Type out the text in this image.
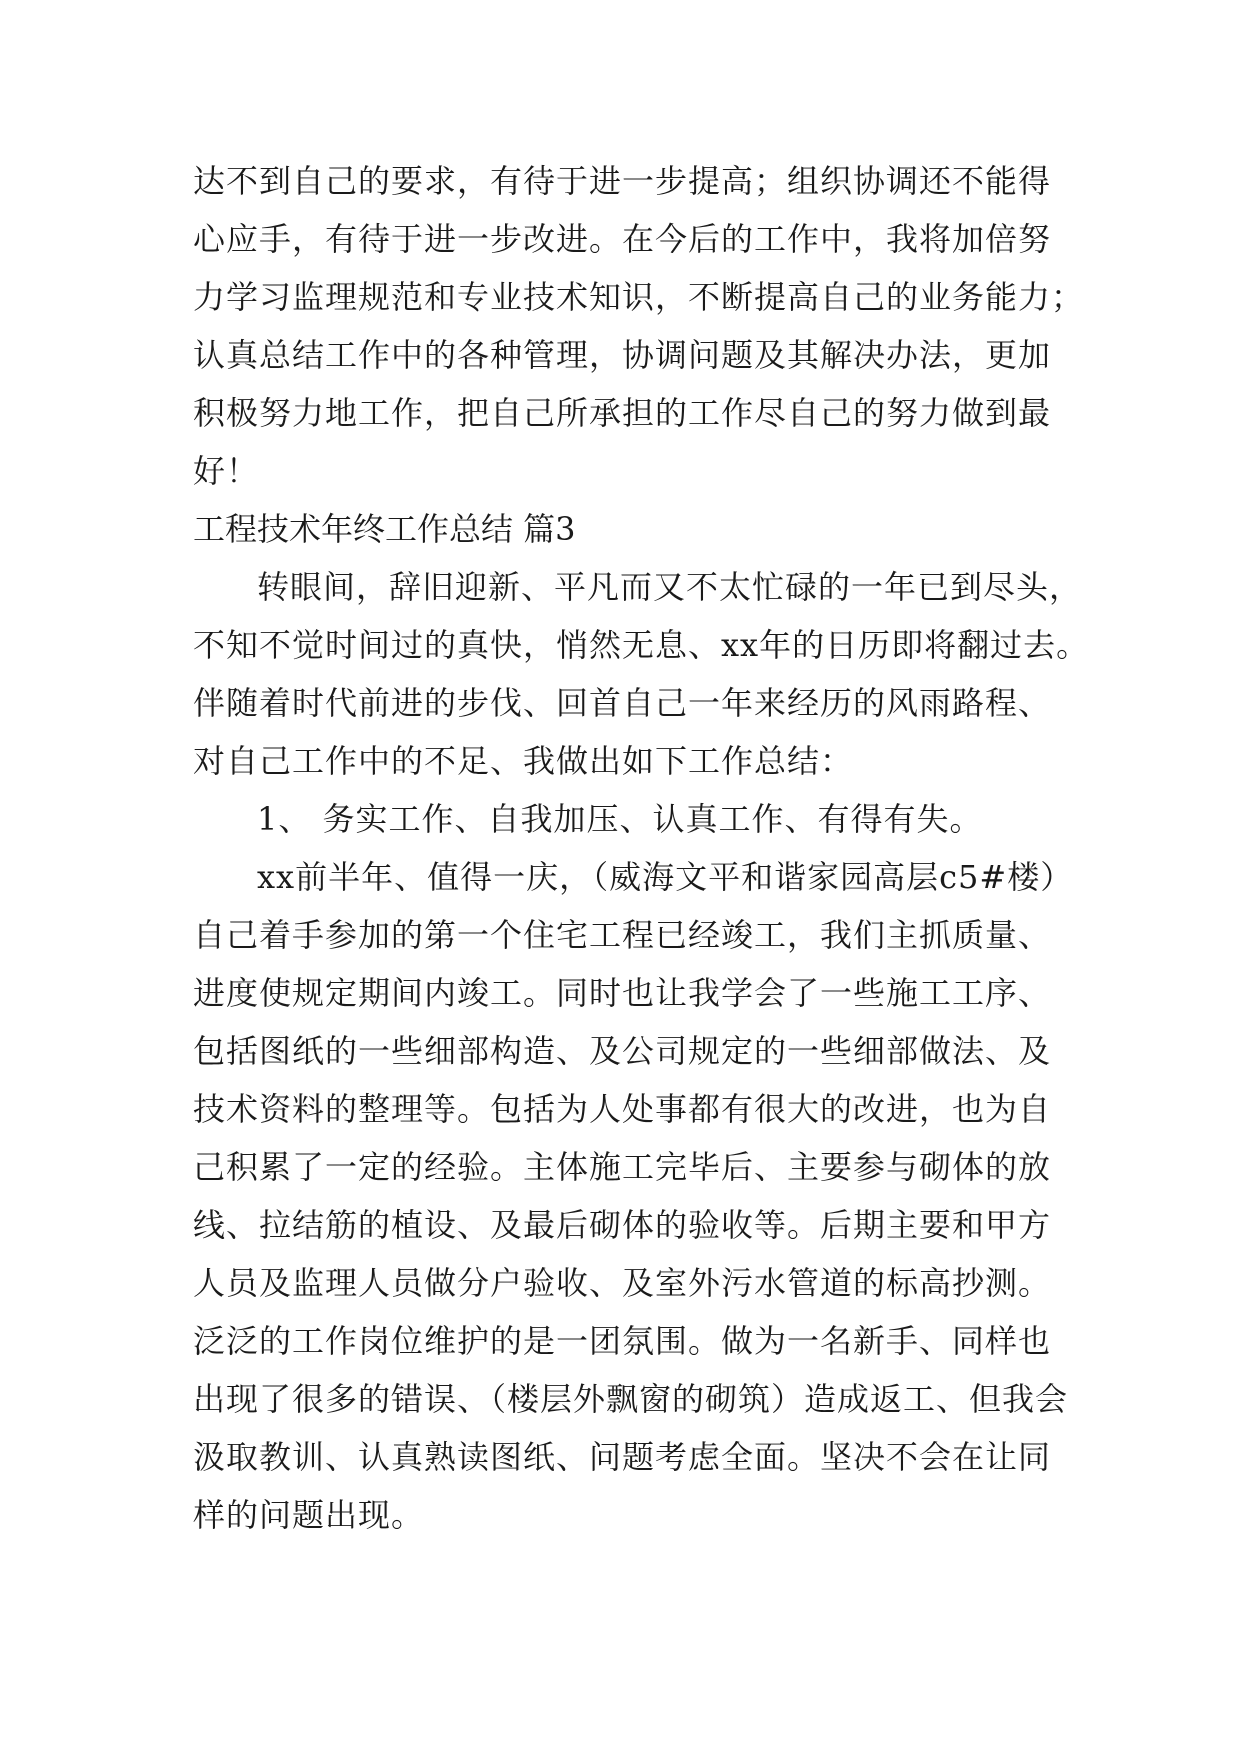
达不到自己的要求，有待于进一步提高；组织协调还不能得
心应手，有待于进一步改进。在今后的工作中，我将加倍努
力学习监理规范和专业技术知识，不断提高自己的业务能力；
认真总结工作中的各种管理，协调问题及其解决办法，更加
积极努力地工作，把自己所承担的工作尽自己的努力做到最
好！
工程技术年终工作总结 篇3
转眼间，辞旧迎新、平凡而又不太忙碌的一年已到尽头，
不知不觉时间过的真快，悄然无息、xx年的日历即将翻过去。
伴随着时代前进的步伐、回首自己一年来经历的风雨路程、
对自己工作中的不足、我做出如下工作总结：
1、 务实工作、自我加压、认真工作、有得有失。
xx前半年、值得一庆，（威海文平和谐家园高层c5#楼）
自己着手参加的第一个住宅工程已经竣工，我们主抓质量、
进度使规定期间内竣工。同时也让我学会了一些施工工序、
包括图纸的一些细部构造、及公司规定的一些细部做法、及
技术资料的整理等。包括为人处事都有很大的改进，也为自
己积累了一定的经验。主体施工完毕后、主要参与砌体的放
线、拉结筋的植设、及最后砌体的验收等。后期主要和甲方
人员及监理人员做分户验收、及室外污水管道的标高抄测。
泛泛的工作岗位维护的是一团氛围。做为一名新手、同样也
出现了很多的错误、（楼层外飘窗的砌筑）造成返工、但我会
汲取教训、认真熟读图纸、问题考虑全面。坚决不会在让同
样的问题出现。
